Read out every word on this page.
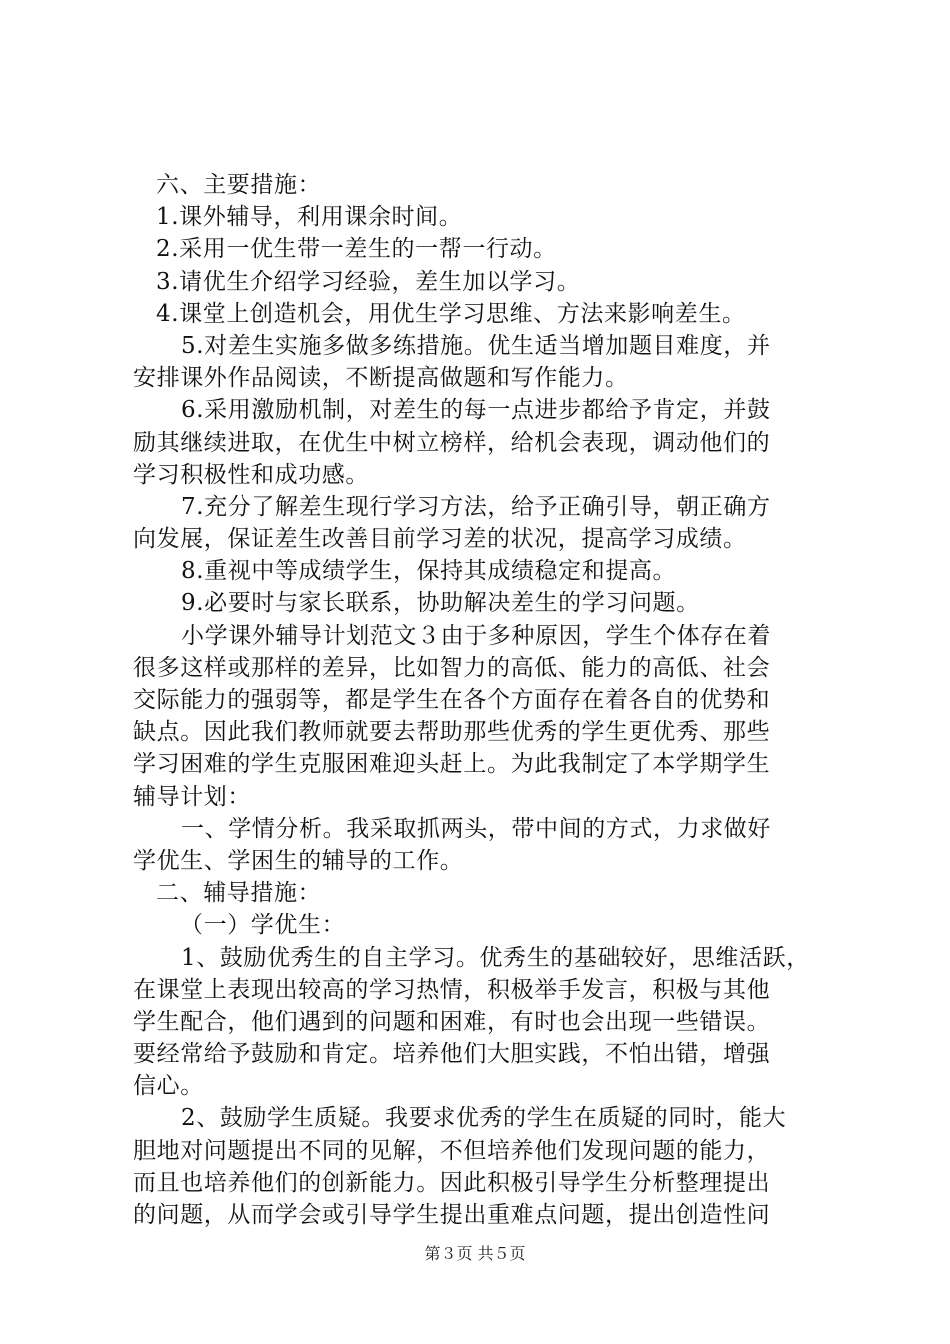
六、主要措施：
1.课外辅导，利用课余时间。
2.采用一优生带一差生的一帮一行动。
3.请优生介绍学习经验，差生加以学习。
4.课堂上创造机会，用优生学习思维、方法来影响差生。
5.对差生实施多做多练措施。优生适当增加题目难度，并
安排课外作品阅读，不断提高做题和写作能力。
6.采用激励机制，对差生的每一点进步都给予肯定，并鼓
励其继续进取，在优生中树立榜样，给机会表现，调动他们的
学习积极性和成功感。
7.充分了解差生现行学习方法，给予正确引导，朝正确方
向发展，保证差生改善目前学习差的状况，提高学习成绩。
8.重视中等成绩学生，保持其成绩稳定和提高。
9.必要时与家长联系，协助解决差生的学习问题。
小学课外辅导计划范文３由于多种原因，学生个体存在着
很多这样或那样的差异，比如智力的高低、能力的高低、社会
交际能力的强弱等，都是学生在各个方面存在着各自的优势和
缺点。因此我们教师就要去帮助那些优秀的学生更优秀、那些
学习困难的学生克服困难迎头赶上。为此我制定了本学期学生
辅导计划：
一、学情分析。我采取抓两头，带中间的方式，力求做好
学优生、学困生的辅导的工作。
二、辅导措施：
（一）学优生：
1、鼓励优秀生的自主学习。优秀生的基础较好，思维活跃，
在课堂上表现出较高的学习热情，积极举手发言，积极与其他
学生配合，他们遇到的问题和困难，有时也会出现一些错误。
要经常给予鼓励和肯定。培养他们大胆实践，不怕出错，增强
信心。
2、鼓励学生质疑。我要求优秀的学生在质疑的同时，能大
胆地对问题提出不同的见解，不但培养他们发现问题的能力，
而且也培养他们的创新能力。因此积极引导学生分析整理提出
的问题，从而学会或引导学生提出重难点问题，提出创造性问
第３页 共５页
